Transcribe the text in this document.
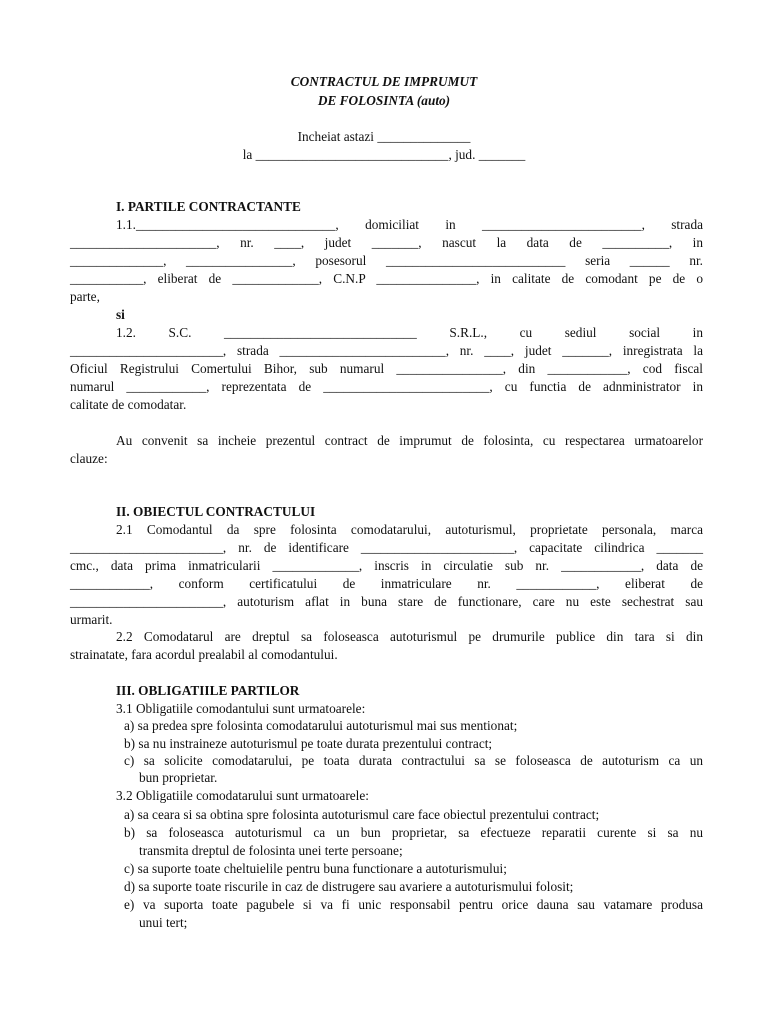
CONTRACTUL DE IMPRUMUT
DE FOLOSINTA (auto)
Incheiat astazi ______________
la _____________________________, jud. _______
I. PARTILE CONTRACTANTE
1.1.______________________________, domiciliat in ________________________, strada
______________________, nr. ____, judet _______, nascut la data de __________, in
______________, ________________, posesorul ___________________________ seria ______ nr.
___________, eliberat de _____________, C.N.P _______________, in calitate de comodant pe de o
parte,
si
1.2. S.C. _____________________________ S.R.L., cu sediul social in
_______________________, strada _________________________, nr. ____, judet _______, inregistrata la
Oficiul Registrului Comertului Bihor, sub numarul ________________, din ____________, cod fiscal
numarul ____________, reprezentata de _________________________, cu functia de adnministrator in
calitate de comodatar.
Au convenit sa incheie prezentul contract de imprumut de folosinta, cu respectarea urmatoarelor
clauze:
II. OBIECTUL CONTRACTULUI
2.1 Comodantul da spre folosinta comodatarului, autoturismul, proprietate personala, marca
_______________________, nr. de identificare _______________________, capacitate cilindrica _______
cmc., data prima inmatricularii _____________, inscris in circulatie sub nr. ____________, data de
____________, conform certificatului de inmatriculare nr. ____________, eliberat de
_______________________, autoturism aflat in buna stare de functionare, care nu este sechestrat sau
urmarit.
2.2 Comodatarul are dreptul sa foloseasca autoturismul pe drumurile publice din tara si din
strainatate, fara acordul prealabil al comodantului.
III. OBLIGATIILE PARTILOR
3.1 Obligatiile comodantului sunt urmatoarele:
a) sa predea spre folosinta comodatarului autoturismul mai sus mentionat;
b) sa nu instraineze autoturismul pe toate durata prezentului contract;
c) sa solicite comodatarului, pe toata durata contractului sa se foloseasca de autoturism ca un
bun proprietar.
3.2 Obligatiile comodatarului sunt urmatoarele:
a) sa ceara si sa obtina spre folosinta autoturismul care face obiectul prezentului contract;
b) sa foloseasca autoturismul ca un bun proprietar, sa efectueze reparatii curente si sa nu
transmita dreptul de folosinta unei terte persoane;
c) sa suporte toate cheltuielile pentru buna functionare a autoturismului;
d) sa suporte toate riscurile in caz de distrugere sau avariere a autoturismului folosit;
e) va suporta toate pagubele si va fi unic responsabil pentru orice dauna sau vatamare produsa
unui tert;
